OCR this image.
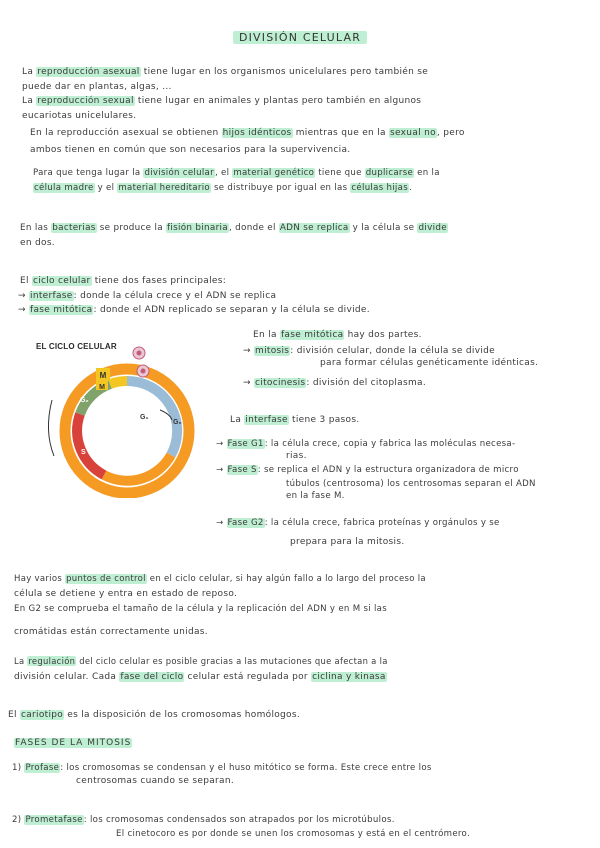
DIVISIÓN CELULAR
La reproducción asexual tiene lugar en los organismos unicelulares pero también se
puede dar en plantas, algas, ...
La reproducción sexual tiene lugar en animales y plantas pero también en algunos
eucariotas unicelulares.
En la reproducción asexual se obtienen hijos idénticos mientras que en la sexual no, pero
ambos tienen en común que son necesarios para la supervivencia.
Para que tenga lugar la división celular, el material genético tiene que duplicarse en la
célula madre y el material hereditario se distribuye por igual en las células hijas.
En las bacterias se produce la fisión binaria, donde el ADN se replica y la célula se divide
en dos.
El ciclo celular tiene dos fases principales:
→ interfase: donde la célula crece y el ADN se replica
→ fase mitótica: donde el ADN replicado se separan y la célula se divide.
EL CICLO CELULAR
M
M
G₂
G₁
S
I
G₀
En la fase mitótica hay dos partes.
→ mitosis: división celular, donde la célula se divide
para formar células genéticamente idénticas.
→ citocinesis: división del citoplasma.
La interfase tiene 3 pasos.
→ Fase G1: la célula crece, copia y fabrica las moléculas necesa-
rias.
→ Fase S: se replica el ADN y la estructura organizadora de micro
túbulos (centrosoma) los centrosomas separan el ADN
en la fase M.
→ Fase G2: la célula crece, fabrica proteínas y orgánulos y se
prepara para la mitosis.
Hay varios puntos de control en el ciclo celular, si hay algún fallo a lo largo del proceso la
célula se detiene y entra en estado de reposo.
En G2 se comprueba el tamaño de la célula y la replicación del ADN y en M si las
cromátidas están correctamente unidas.
La regulación del ciclo celular es posible gracias a las mutaciones que afectan a la
división celular. Cada fase del ciclo celular está regulada por ciclina y kinasa
El cariotipo es la disposición de los cromosomas homólogos.
FASES DE LA MITOSIS
1) Profase: los cromosomas se condensan y el huso mitótico se forma. Este crece entre los
centrosomas cuando se separan.
2) Prometafase: los cromosomas condensados son atrapados por los microtúbulos.
El cinetocoro es por donde se unen los cromosomas y está en el centrómero.
